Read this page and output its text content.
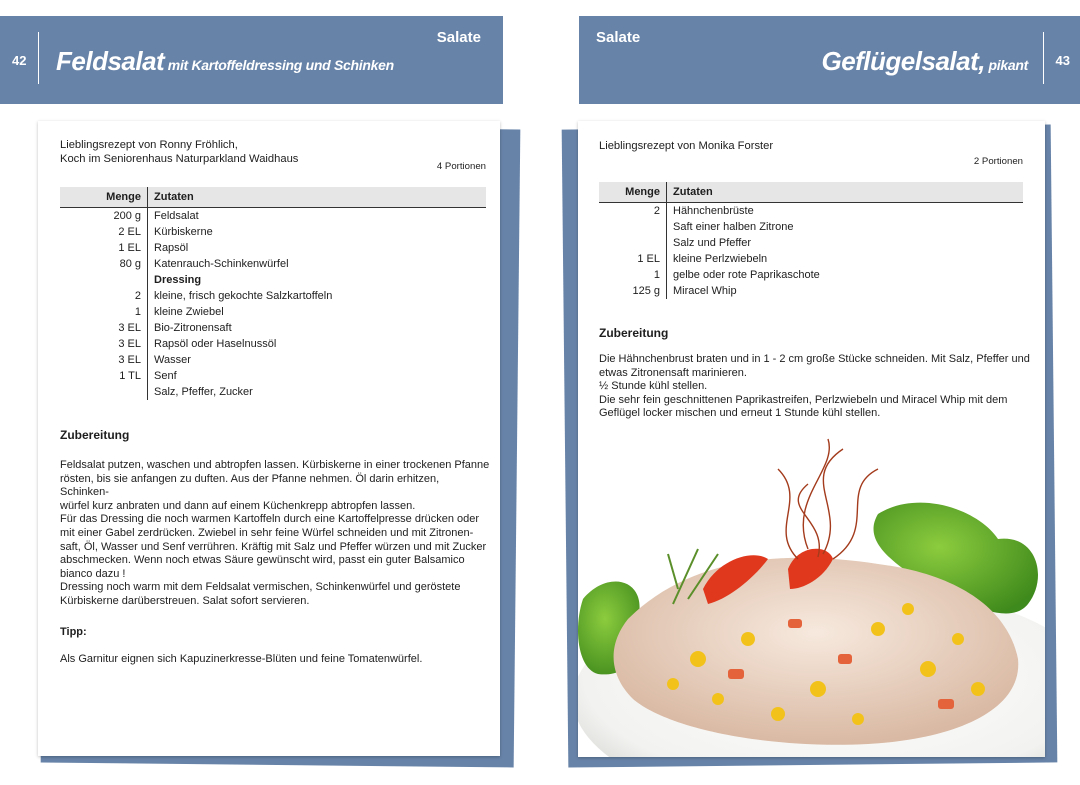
42 Feldsalat mit Kartoffeldressing und Schinken
Salate	Salate
Geflügelsalat, pikant 43
Lieblingsrezept von Ronny Fröhlich,
Koch im Seniorenhaus Naturparkland Waidhaus
4 Portionen
Menge	Zutaten
200 g	Feldsalat
2 EL	Kürbiskerne
1 EL	Rapsöl
80 g	Katenrauch-Schinkenwürfel
	Dressing
2	kleine, frisch gekochte Salzkartoffeln
1	kleine Zwiebel
3 EL	Bio-Zitronensaft
3 EL	Rapsöl oder Haselnussöl
3 EL	Wasser
1 TL	Senf
	Salz, Pfeffer, Zucker
Zubereitung
Feldsalat putzen, waschen und abtropfen lassen. Kürbiskerne in einer trockenen Pfanne
rösten, bis sie anfangen zu duften. Aus der Pfanne nehmen. Öl darin erhitzen, Schinken-
würfel kurz anbraten und dann auf einem Küchenkrepp abtropfen lassen.
Für das Dressing die noch warmen Kartoffeln durch eine Kartoffelpresse drücken oder
mit einer Gabel zerdrücken. Zwiebel in sehr feine Würfel schneiden und mit Zitronen-
saft, Öl, Wasser und Senf verrühren. Kräftig mit Salz und Pfeffer würzen und mit Zucker
abschmecken. Wenn noch etwas Säure gewünscht wird, passt ein guter Balsamico
bianco dazu !
Dressing noch warm mit dem Feldsalat vermischen, Schinkenwürfel und geröstete
Kürbiskerne darüberstreuen. Salat sofort servieren.

Tipp:

Als Garnitur eignen sich Kapuzinerkresse-Blüten und feine Tomatenwürfel.

Lieblingsrezept von Monika Forster
2 Portionen
Menge	Zutaten
2	Hähnchenbrüste
	Saft einer halben Zitrone
	Salz und Pfeffer
1 EL	kleine Perlzwiebeln
1	gelbe oder rote Paprikaschote
125 g	Miracel Whip
Zubereitung
Die Hähnchenbrust braten und in 1 - 2 cm große Stücke schneiden. Mit Salz, Pfeffer und
etwas Zitronensaft marinieren.
½ Stunde kühl stellen.
Die sehr fein geschnittenen Paprikastreifen, Perlzwiebeln und Miracel Whip mit dem
Geflügel locker mischen und erneut 1 Stunde kühl stellen.
